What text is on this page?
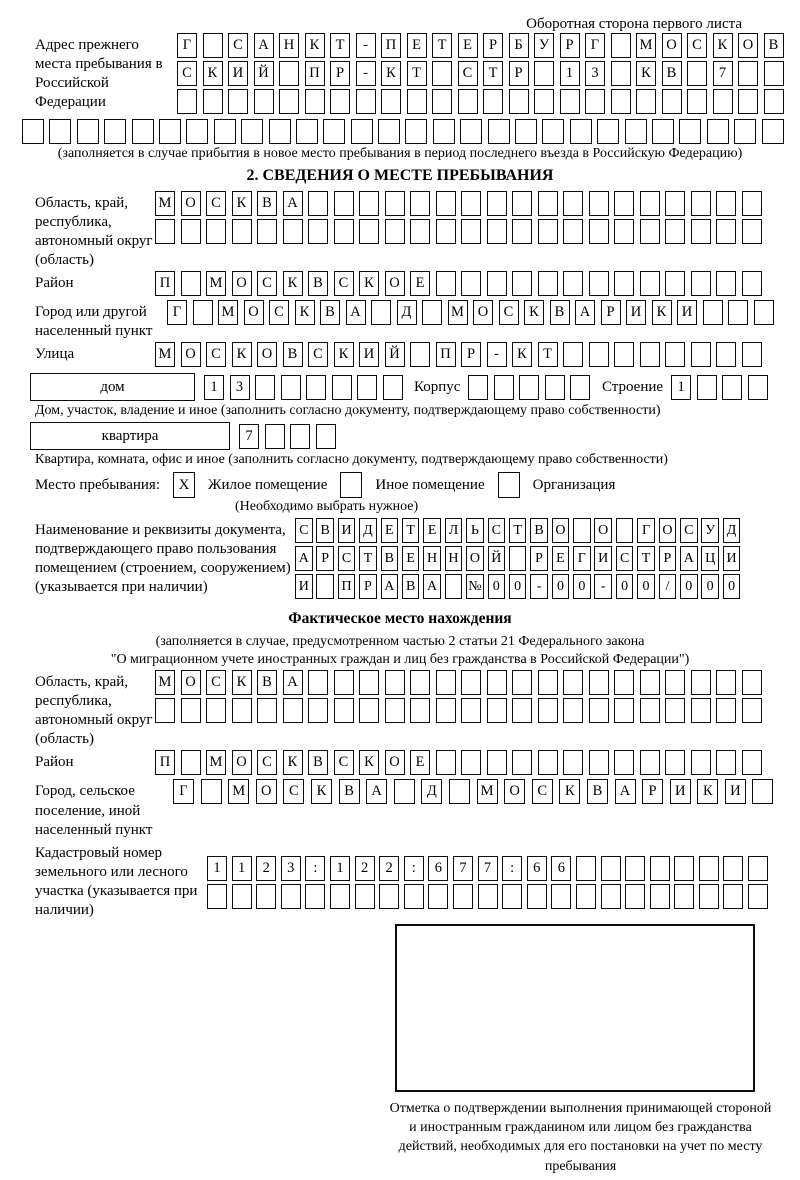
Оборотная сторона первого листа
Адрес прежнего места пребывания в Российской Федерации
Г	С	А	Н	К	Т	-	П	Е	Т	Е	Р	Б	У	Р	Г	М О	С	К	О	В
С	К	И	Й	П	Р	-	К	Т	С	Т	Р	1	3	К	В	7
(заполняется в случае прибытия в новое место пребывания в период последнего въезда в Российскую Федерацию)
2. СВЕДЕНИЯ О МЕСТЕ ПРЕБЫВАНИЯ
Область, край, республика, автономный округ (область)
М О	С	К	В	А
Район	П	М О	С	К	В	С	К	О	Е
Город или другой населенный пункт
Г	М О	С	К	В	А	Д	М О	С	К	В	А	Р	И	К	И
Улица	М О	С	К	О	В	С	К	И	Й	П	Р	-	К	Т
дом	1	3	Корпус	Строение 1
Дом, участок, владение и иное (заполнить согласно документу, подтверждающему право собственности)
квартира	7
Квартира, комната, офис и иное (заполнить согласно документу, подтверждающему право собственности)
Место пребывания:	X	Жилое помещение	Иное помещение	Организация
(Необходимо выбрать нужное)
Наименование и реквизиты документа, подтверждающего право пользования помещением (строением, сооружением) (указывается при наличии)
С В И Д Е Т Е Л Ь С Т В О О	Г О С У Д
А Р С Т В Е Н Н О Й	Р Е Г И С Т Р А Ц И
И П Р А В А № 0	0	-	0	0	-	0	0	/	0	0	0
Фактическое место нахождения
(заполняется в случае, предусмотренном частью 2 статьи 21 Федерального закона
"О миграционном учете иностранных граждан и лиц без гражданства в Российской Федерации")
Область, край, республика, автономный округ (область)
М О	С	К	В	А
Район	П	М О	С	К	В	С	К	О	Е
Город, сельское поселение, иной населенный пункт
Г	М	О	С	К	В	А	Д	М	О	С	К	В	А	Р	И	К	И
Кадастровый номер земельного или лесного участка (указывается при наличии)
1	1	2	3	:	1	2	2	:	6	7	7	:	6	6
Отметка о подтверждении выполнения принимающей стороной и иностранным гражданином или лицом без гражданства действий, необходимых для его постановки на учет по месту пребывания
